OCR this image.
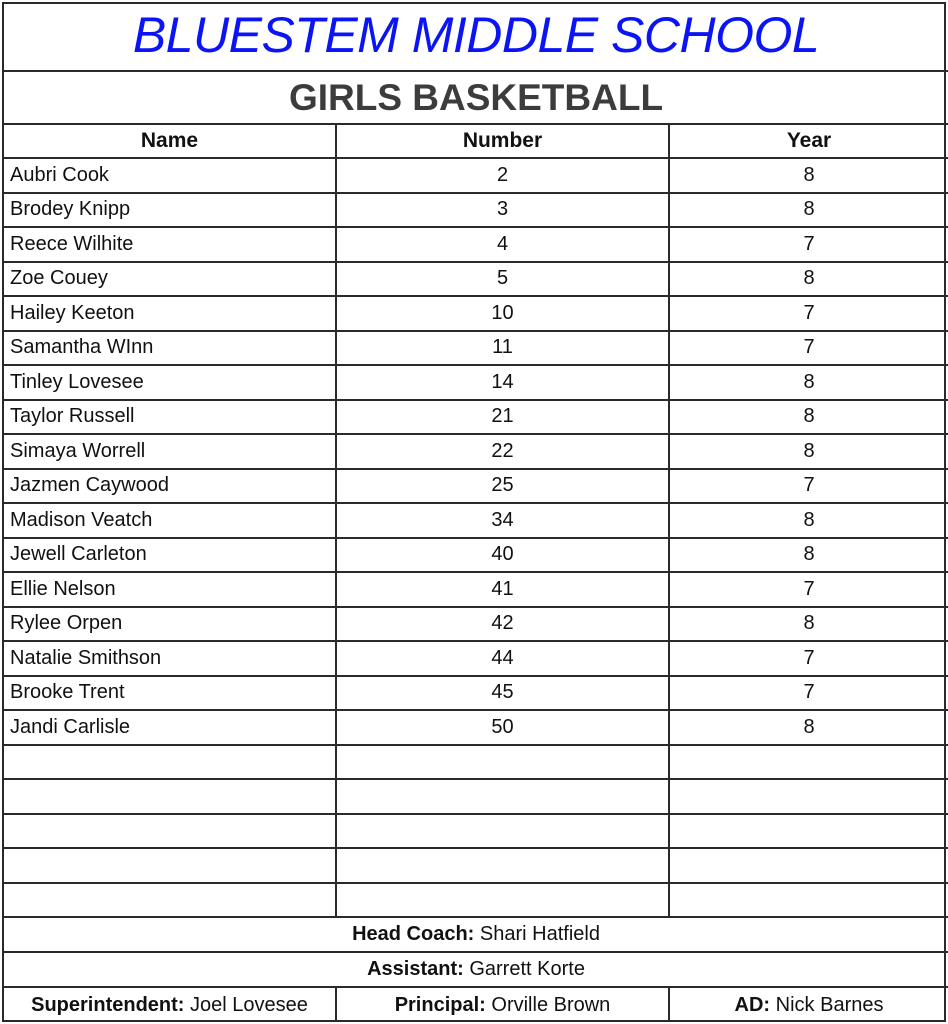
BLUESTEM MIDDLE SCHOOL		
GIRLS BASKETBALL		
Name	Number	Year
Aubri Cook	2	8
Brodey Knipp	3	8
Reece Wilhite	4	7
Zoe Couey	5	8
Hailey Keeton	10	7
Samantha WInn	11	7
Tinley Lovesee	14	8
Taylor Russell	21	8
Simaya Worrell	22	8
Jazmen Caywood	25	7
Madison Veatch	34	8
Jewell Carleton	40	8
Ellie Nelson	41	7
Rylee Orpen	42	8
Natalie Smithson	44	7
Brooke Trent	45	7
Jandi Carlisle	50	8

Head Coach: Shari Hatfield		
Assistant: Garrett Korte		
Superintendent: Joel Lovesee	Principal: Orville Brown	AD: Nick Barnes
